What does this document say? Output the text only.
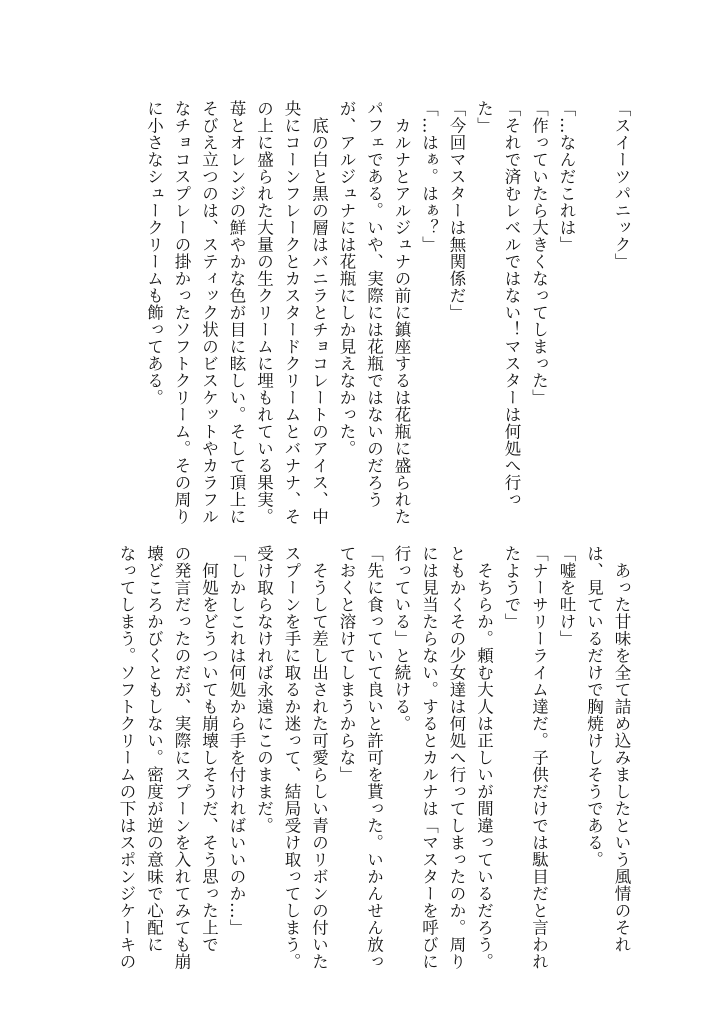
「スイーツパニック」

「…なんだこれは」
「作っていたら大きくなってしまった」
「それで済むレベルではない！マスターは何処へ行っ
た」
「今回マスターは無関係だ」
「…はぁ。はぁ？」
　カルナとアルジュナの前に鎮座するは花瓶に盛られた
パフェである。いや、実際には花瓶ではないのだろう
が、アルジュナには花瓶にしか見えなかった。
　底の白と黒の層はバニラとチョコレートのアイス、中
央にコーンフレークとカスタードクリームとバナナ、そ
の上に盛られた大量の生クリームに埋もれている果実。
苺とオレンジの鮮やかな色が目に眩しい。そして頂上に
そびえ立つのは、スティック状のビスケットやカラフル
なチョコスプレーの掛かったソフトクリーム。その周り
に小さなシュークリームも飾ってある。
　あった甘味を全て詰め込みましたという風情のそれ
は、見ているだけで胸焼けしそうである。
「嘘を吐け」
「ナーサリーライム達だ。子供だけでは駄目だと言われ
たようで」
　そちらか。頼む大人は正しいが間違っているだろう。
ともかくその少女達は何処へ行ってしまったのか。周り
には見当たらない。するとカルナは「マスターを呼びに
行っている」と続ける。
「先に食っていて良いと許可を貰った。いかんせん放っ
ておくと溶けてしまうからな」
　そうして差し出された可愛らしい青のリボンの付いた
スプーンを手に取るか迷って、結局受け取ってしまう。
受け取らなければ永遠にこのままだ。
「しかしこれは何処から手を付ければいいのか…」
　何処をどうついても崩壊しそうだ、そう思った上で
の発言だったのだが、実際にスプーンを入れてみても崩
壊どころかびくともしない。密度が逆の意味で心配に
なってしまう。ソフトクリームの下はスポンジケーキの
